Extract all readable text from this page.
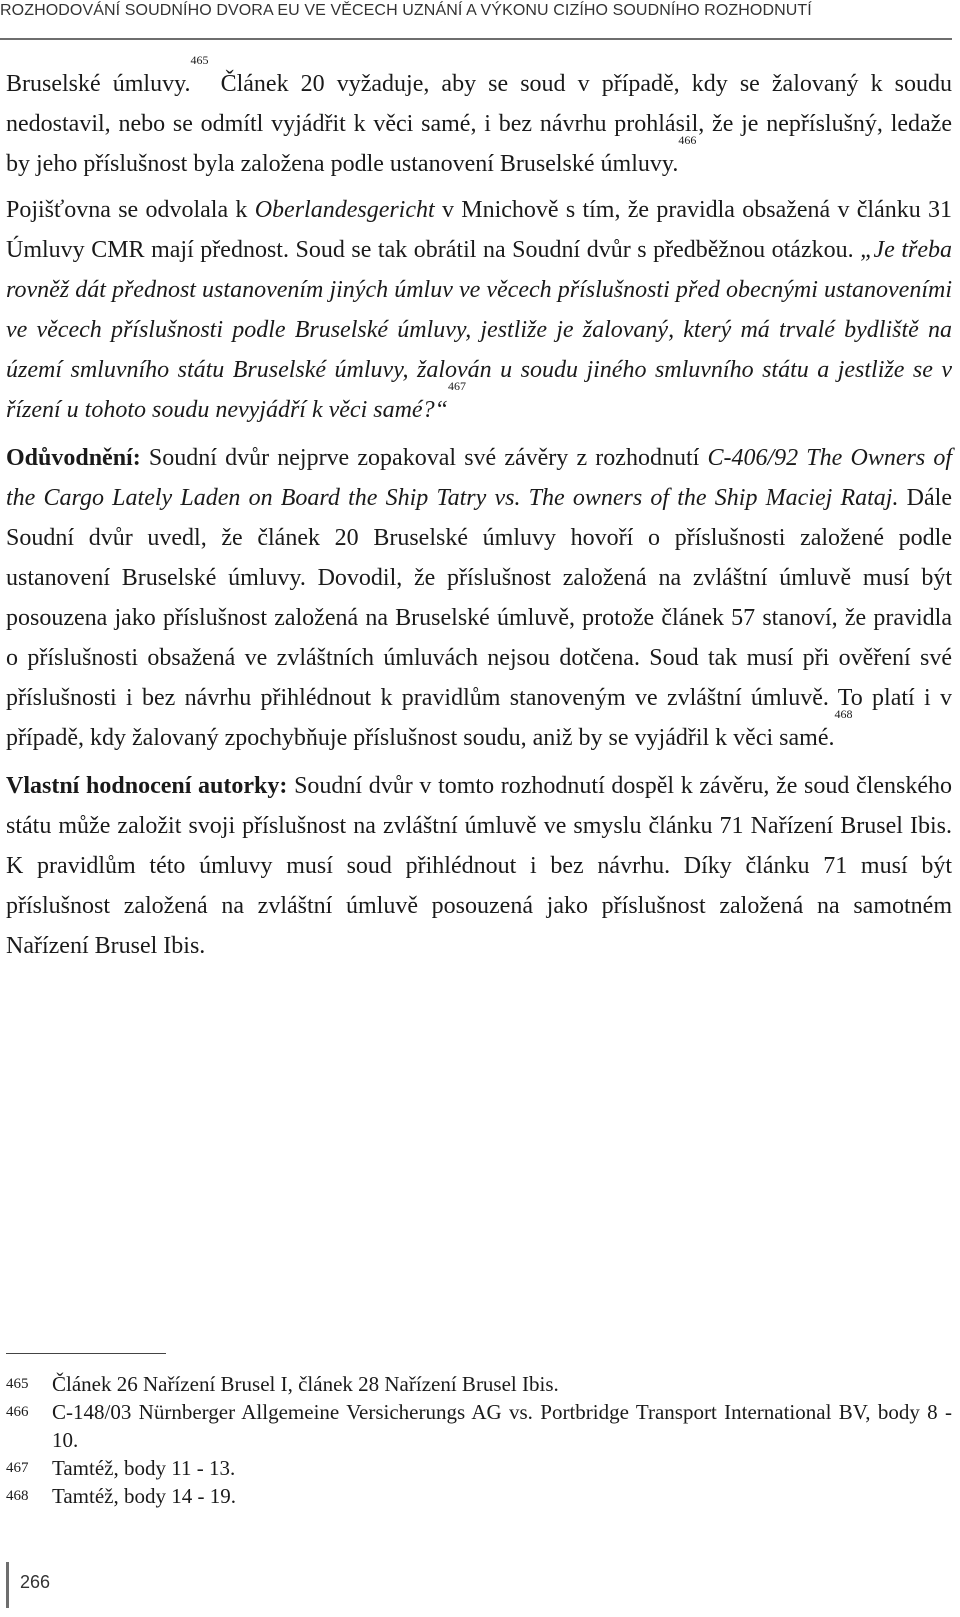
ROZHODOVÁNÍ SOUDNÍHO DVORA EU VE VĚCECH UZNÁNÍ A VÝKONU CIZÍHO SOUDNÍHO ROZHODNUTÍ

Bruselské úmluvy.$^{465}$ Článek 20 vyžaduje, aby se soud v případě, kdy se žalovaný k soudu nedostavil, nebo se odmítl vyjádřit k věci samé, i bez návrhu prohlásil, že je nepříslušný, ledaže by jeho příslušnost byla založena podle ustanovení Bruselské úmluvy.$^{466}$

Pojišťovna se odvolala k Oberlandesgericht v Mnichově s tím, že pravidla obsažená v článku 31 Úmluvy CMR mají přednost. Soud se tak obrátil na Soudní dvůr s předběžnou otázkou. „Je třeba rovněž dát přednost ustanovením jiných úmluv ve věcech příslušnosti před obecnými ustanoveními ve věcech příslušnosti podle Bruselské úmluvy, jestliže je žalovaný, který má trvalé bydliště na území smluvního státu Bruselské úmluvy, žalován u soudu jiného smluvního státu a jestliže se v řízení u tohoto soudu nevyjádří k věci samé?“$^{467}$

Odůvodnění: Soudní dvůr nejprve zopakoval své závěry z rozhodnutí C-406/92 The Owners of the Cargo Lately Laden on Board the Ship Tatry vs. The owners of the Ship Maciej Rataj. Dále Soudní dvůr uvedl, že článek 20 Bruselské úmluvy hovoří o příslušnosti založené podle ustanovení Bruselské úmluvy. Dovodil, že příslušnost založená na zvláštní úmluvě musí být posouzena jako příslušnost založená na Bruselské úmluvě, protože článek 57 stanoví, že pravidla o příslušnosti obsažená ve zvláštních úmluvách nejsou dotčena. Soud tak musí při ověření své příslušnosti i bez návrhu přihlédnout k pravidlům stanoveným ve zvláštní úmluvě. To platí i v případě, kdy žalovaný zpochybňuje příslušnost soudu, aniž by se vyjádřil k věci samé.$^{468}$

Vlastní hodnocení autorky: Soudní dvůr v tomto rozhodnutí dospěl k závěru, že soud členského státu může založit svoji příslušnost na zvláštní úmluvě ve smyslu článku 71 Nařízení Brusel Ibis. K pravidlům této úmluvy musí soud přihlédnout i bez návrhu. Díky článku 71 musí být příslušnost založená na zvláštní úmluvě posouzená jako příslušnost založená na samotném Nařízení Brusel Ibis.

465	Článek 26 Nařízení Brusel I, článek 28 Nařízení Brusel Ibis.
466	C-148/03 Nürnberger Allgemeine Versicherungs AG vs. Portbridge Transport International BV, body 8 - 10.
467	Tamtéž, body 11 - 13.
468	Tamtéž, body 14 - 19.
266
